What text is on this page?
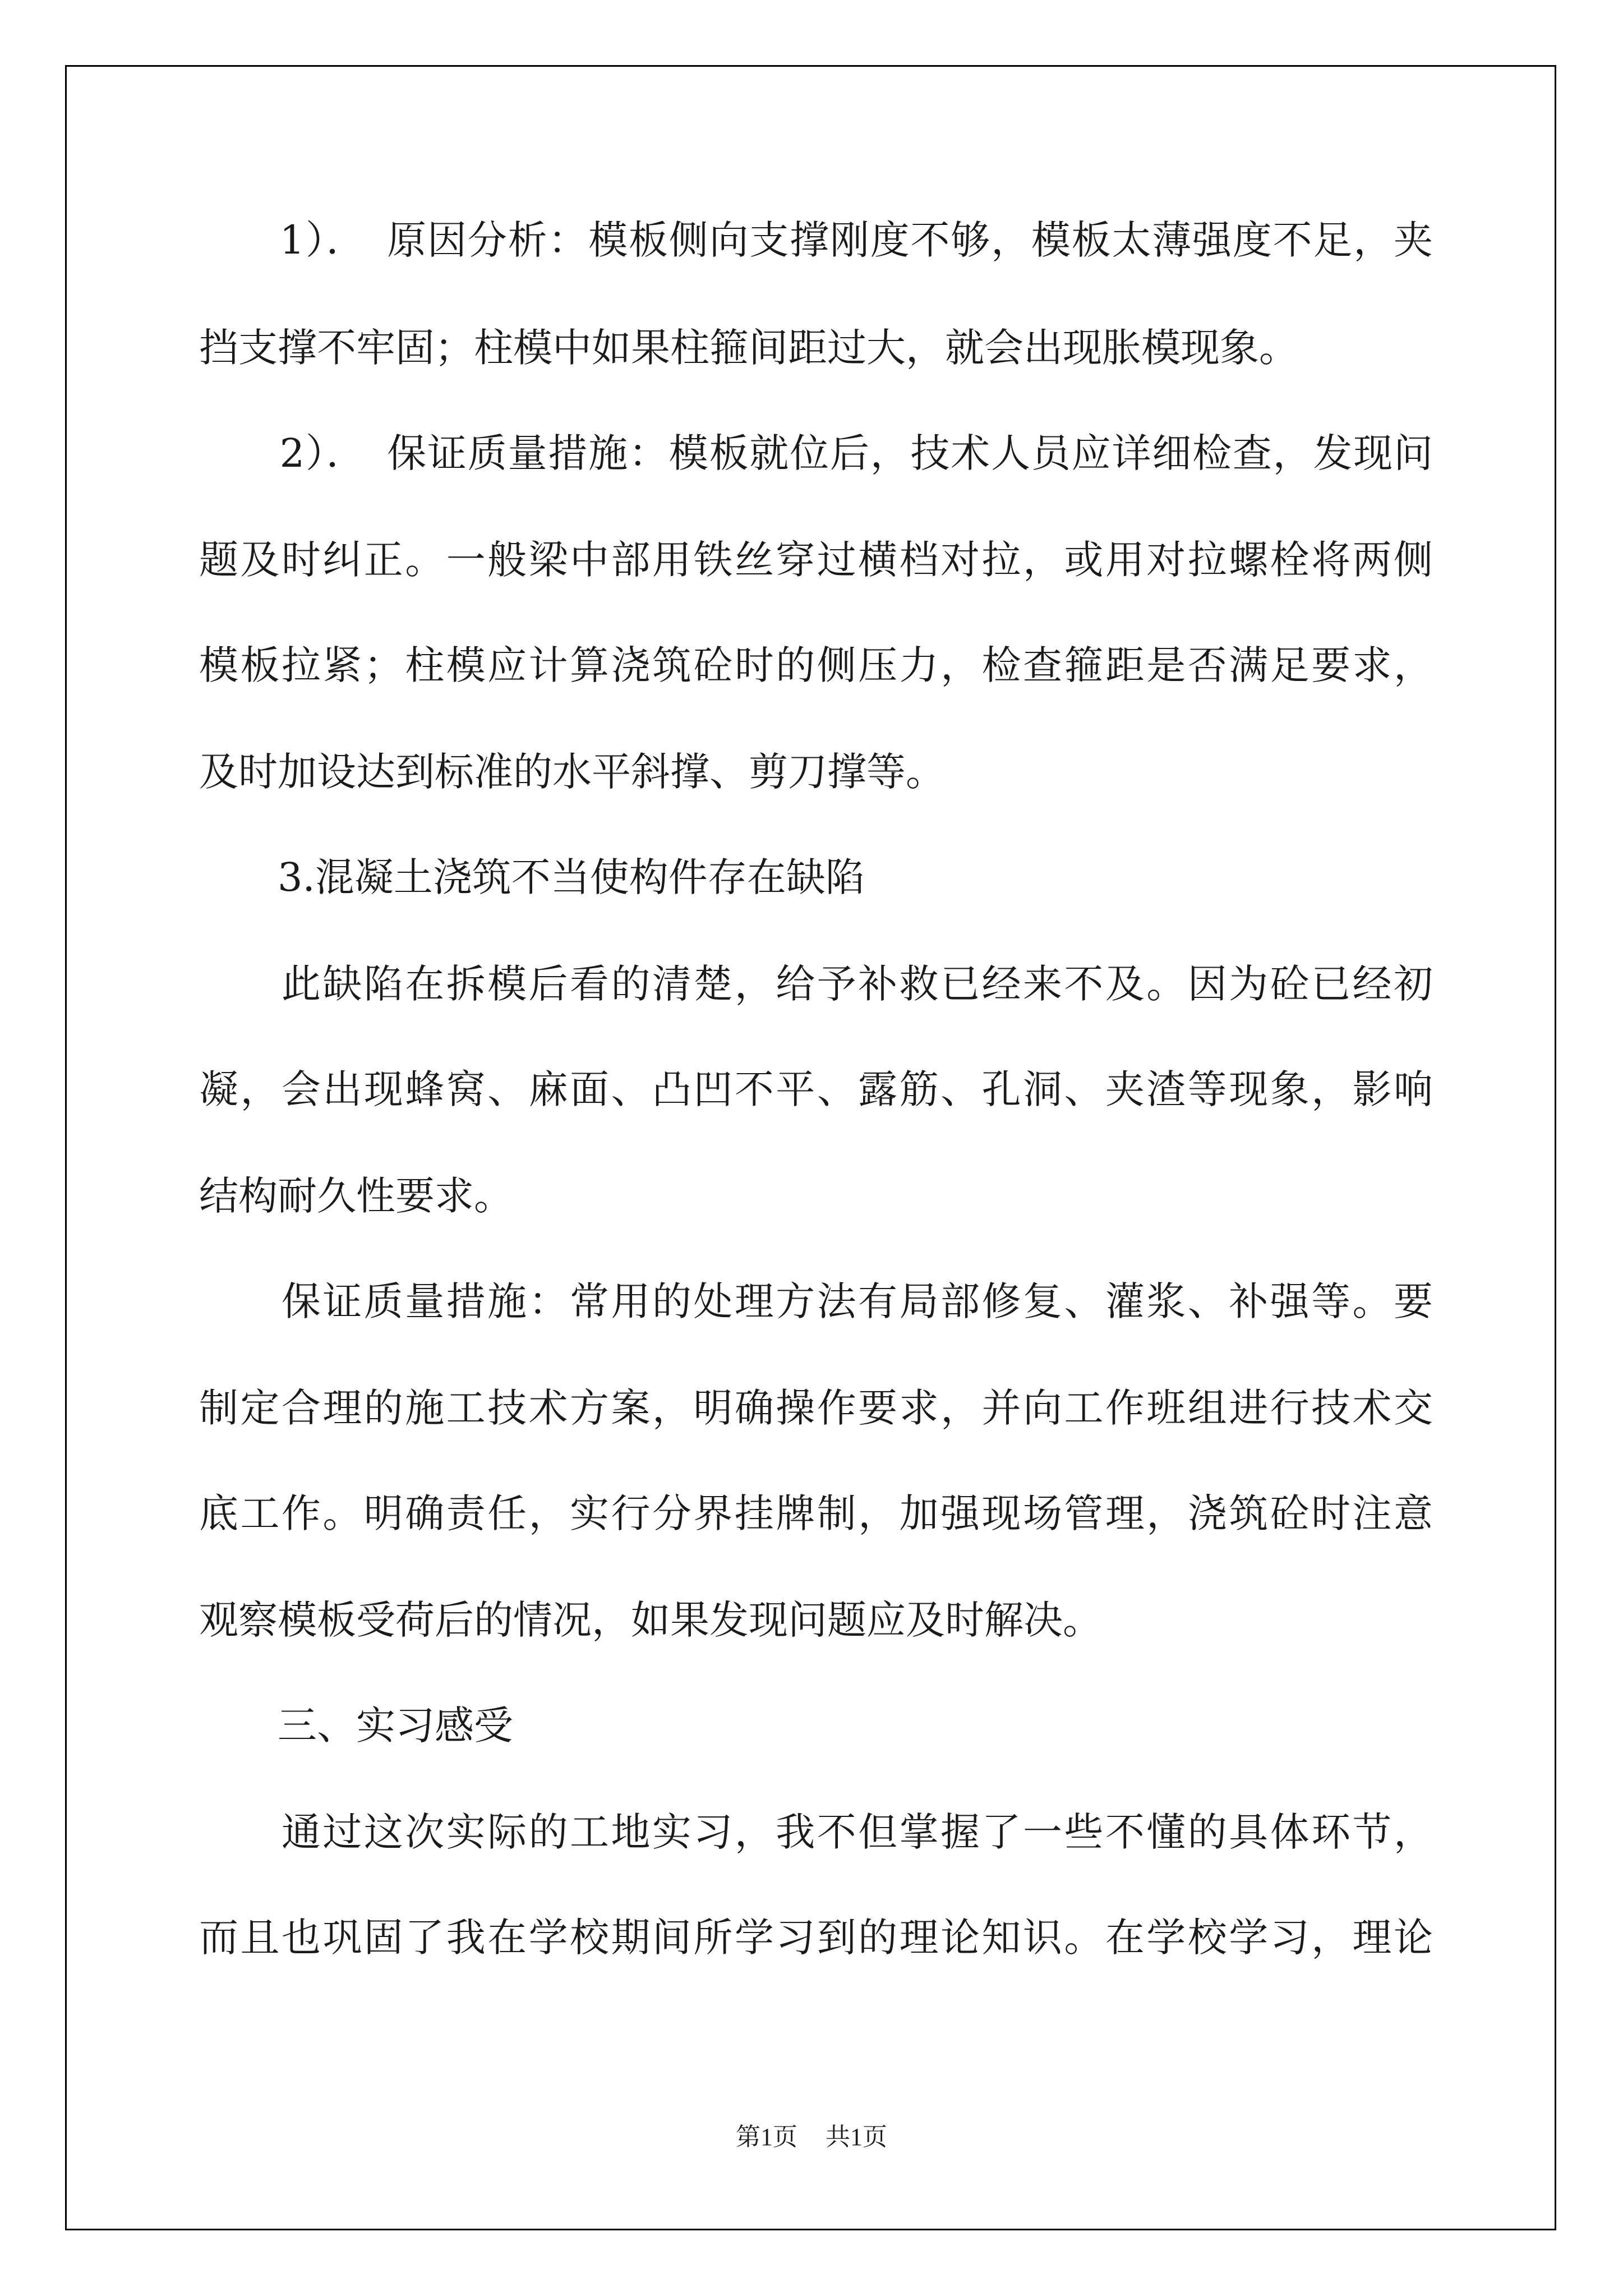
　　1）．　原因分析：模板侧向支撑刚度不够，模板太薄强度不足，夹
挡支撑不牢固；柱模中如果柱箍间距过大，就会出现胀模现象。
　　2）．　保证质量措施：模板就位后，技术人员应详细检查，发现问
题及时纠正。一般梁中部用铁丝穿过横档对拉，或用对拉螺栓将两侧
模板拉紧；柱模应计算浇筑砼时的侧压力，检查箍距是否满足要求，
及时加设达到标准的水平斜撑、剪刀撑等。
　　3.混凝土浇筑不当使构件存在缺陷
　　此缺陷在拆模后看的清楚，给予补救已经来不及。因为砼已经初
凝，会出现蜂窝、麻面、凸凹不平、露筋、孔洞、夹渣等现象，影响
结构耐久性要求。
　　保证质量措施：常用的处理方法有局部修复、灌浆、补强等。要
制定合理的施工技术方案，明确操作要求，并向工作班组进行技术交
底工作。明确责任，实行分界挂牌制，加强现场管理，浇筑砼时注意
观察模板受荷后的情况，如果发现问题应及时解决。
　　三、实习感受
　　通过这次实际的工地实习，我不但掌握了一些不懂的具体环节，
而且也巩固了我在学校期间所学习到的理论知识。在学校学习，理论
第1页 共1页
